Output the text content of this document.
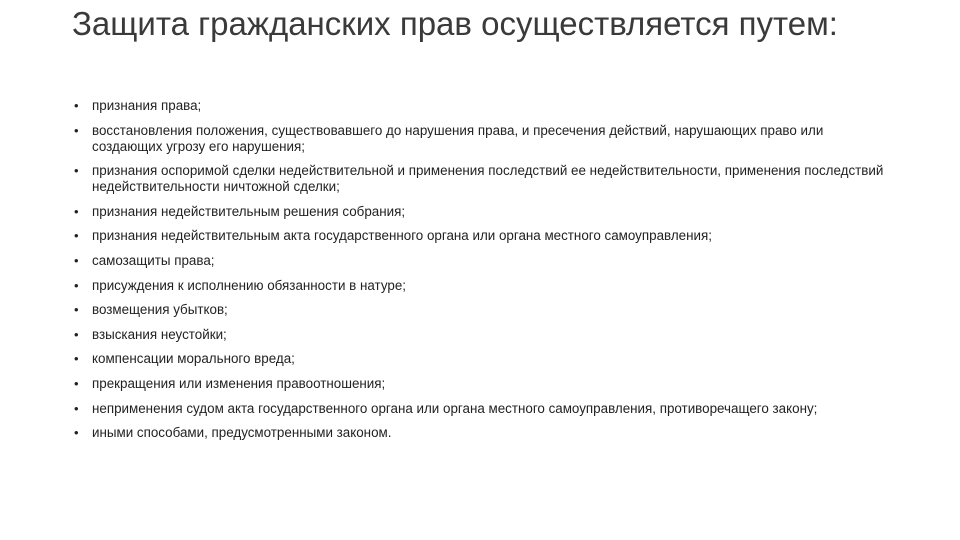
Защита гражданских прав осуществляется путем:
• признания права;
• восстановления положения, существовавшего до нарушения права, и пресечения действий, нарушающих право или создающих угрозу его нарушения;
• признания оспоримой сделки недействительной и применения последствий ее недействительности, применения последствий недействительности ничтожной сделки;
• признания недействительным решения собрания;
• признания недействительным акта государственного органа или органа местного самоуправления;
• самозащиты права;
• присуждения к исполнению обязанности в натуре;
• возмещения убытков;
• взыскания неустойки;
• компенсации морального вреда;
• прекращения или изменения правоотношения;
• неприменения судом акта государственного органа или органа местного самоуправления, противоречащего закону;
• иными способами, предусмотренными законом.
